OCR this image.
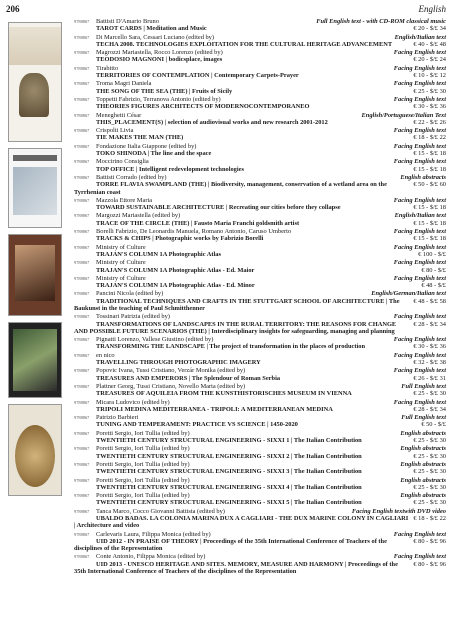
206	English
9788867 Battisti D'Amario Bruno	Full English text - with CD-ROM classical music
TAROT CARDS | Meditation and Music	€ 20 - $/£ 34
9788867 Di Marcello Sara, Cessari Luciano (edited by)	English/Italian text
TECHA 2008. TECHNOLOGIES EXPLOITATION FOR THE CULTURAL HERITAGE ADVANCEMENT	€ 40 - $/£ 48
9788867 Magrozzi Mariastella, Rocco Lorenzo (edited by)	Facing English text
TEODOSIO MAGNONI | bodicsplace, images	€ 20 - $/£ 24
9788867 Tirabitto	Facing English text
TERRITORIES OF CONTEMPLATION | Contemporary Carpets-Prayer	€ 10 - $/£ 12
9788867 Troma Magri Daniela	Facing English text
THE SONG OF THE SEA (THE) | Fruits of Sicily	€ 25 - $/£ 30
9788867 Toppetti Fabrizio, Terranova Antonio (edited by)	Facing English text
THEORIES FIGURES ARCHITECTS OF MODERNOCONTEMPORANEO	€ 30 - $/£ 36
9788867 Meneghetti César	English/Portuguese/Italian Text
THIS_PLACEMENT(S) | selection of audiovisual works and new research 2001-2012	€ 22 - $/£ 26
9788867 Crispolti Livia	Facing English text
TIE MAKES THE MAN (THE)	€ 18 - $/£ 22
9788867 Fondazione Italia Giappone (edited by)	Facing English text
TOKO SHINODA | The line and the space	€ 15 - $/£ 18
9788867 Moccirino Consiglia	Facing English text
TOP OFFICE | Intelligent redevelopment technologies	€ 15 - $/£ 18
9788867 Battisti Corrado (edited by)	English abstracts
TORRE FLAVIA SWAMPLAND (THE) | Biodiversity, management, conservation of a wetland area on the Tyrrhenian coast
€ 50 - $/£ 60
9788867 Mazzola Ettore Maria	Facing English text
TOWARD SUSTAINABLE ARCHITECTURE | Recreating our cities before they collapse	€ 15 - $/£ 18
9788867 Margozzi Mariastella (edited by)	English/Italian text
TRACE OF THE CIRCLE (THE) | Fausto Maria Franchi goldsmith artist	€ 15 - $/£ 18
9788867 Borelli Fabrizio, De Leonardis Manuela, Romano Antonio, Caruso Umberto	Facing English text
TRACKS & CHIPS | Photographic works by Fabrizio Borelli	€ 15 - $/£ 18
9788867 Ministry of Culture	Facing English text
TRAJAN'S COLUMN 1A Photographic Atlas	€ 100 - $/£
9788867 Ministry of Culture	Facing English text
TRAJAN'S COLUMN 1A Photographic Atlas - Ed. Maior	€ 80 - $/£
9788867 Ministry of Culture	Facing English text
TRAJAN'S COLUMN 1A Photographic Atlas - Ed. Minor	€ 48 - $/£
9788867 Pancini Nicola (edited by)	English/German/Italian text
TRADITIONAL TECHNIQUES AND CRAFTS IN THE STUTTGART SCHOOL OF ARCHITECTURE | The Baukunst in the teaching of Paul Schmitthenner
€ 48 - $/£ 58
9788867 Tossinari Patrizia (edited by)	Facing English text
TRANSFORMATIONS OF LANDSCAPES IN THE RURAL TERRITORY: THE REASONS FOR CHANGE AND POSSIBLE FUTURE SCENARIOS (THE) | Interdisciplinary insights for safeguarding, managing and planning
€ 28 - $/£ 34
9788867 Pignatti Lorenzo, Vallese Giustino (edited by)	Facing English text
TRANSFORMING THE LANDSCAPE | The project of transformation in the places of production	€ 30 - $/£ 36
9788867 en nico	Facing English text
TRAVELLING THROUGH PHOTOGRAPHIC IMAGERY	€ 32 - $/£ 38
9788867 Popovic Ivana, Tussi Cristiano, Verzár Monika (edited by)	Facing English text
TREASURES AND EMPERORS | The Splendour of Roman Serbia	€ 26 - $/£ 31
9788867 Plattner Georg, Tussi Cristiano, Novello Marta (edited by)	Full English text
TREASURES OF AQUILEIA FROM THE KUNSTHISTORISCHES MUSEUM IN VIENNA	€ 25 - $/£ 30
9788867 Micara Ludovico (edited by)	Facing English text
TRIPOLI MEDINA MEDITERRANEA - TRIPOLI: A MEDITERRANEAN MEDINA	€ 28 - $/£ 34
9788867 Patrizio Barbieri	Full English text
TUNING AND TEMPERAMENT: PRACTICE VS SCIENCE | 1450-2020	€ 50 - $/£
9788867 Poretti Sergio, Iori Tullia (edited by)	English abstracts
TWENTIETH CENTURY STRUCTURAL ENGINEERING - SIXXI 1 | The Italian Contribution	€ 25 - $/£ 30
9788867 Poretti Sergio, Iori Tullia (edited by)	English abstracts
TWENTIETH CENTURY STRUCTURAL ENGINEERING - SIXXI 2 | The Italian Contribution	€ 25 - $/£ 30
9788867 Poretti Sergio, Iori Tullia (edited by)	English abstracts
TWENTIETH CENTURY STRUCTURAL ENGINEERING - SIXXI 3 | The Italian Contribution	€ 25 - $/£ 30
9788867 Poretti Sergio, Iori Tullia (edited by)	English abstracts
TWENTIETH CENTURY STRUCTURAL ENGINEERING - SIXXI 4 | The Italian Contribution	€ 25 - $/£ 30
9788867 Poretti Sergio, Iori Tullia (edited by)	English abstracts
TWENTIETH CENTURY STRUCTURAL ENGINEERING - SIXXI 5 | The Italian Contribution	€ 25 - $/£ 30
9788867 Tanca Marco, Cocco Giovanni Battista (edited by)	Facing English textwith DVD video
UBALDO BADAS. LA COLONIA MARINA DUX A CAGLIARI - THE DUX MARINE COLONY IN CAGLIARI | Architecture and video
€ 18 - $/£ 22
9788867 Carlevaris Laura, Filippa Monica (edited by)	Facing English text
UID 2012 - IN PRAISE OF THEORY | Proceedings of the 35th International Conference of Teachers of the disciplines of the Representation
€ 80 - $/£ 96
9788867 Conte Antonio, Filippa Monica (edited by)	Facing English text
UID 2013 - UNESCO HERITAGE AND SITES. MEMORY, MEASURE AND HARMONY | Proceedings of the 35th International Conference of Teachers of the disciplines of the Representation
€ 80 - $/£ 96
